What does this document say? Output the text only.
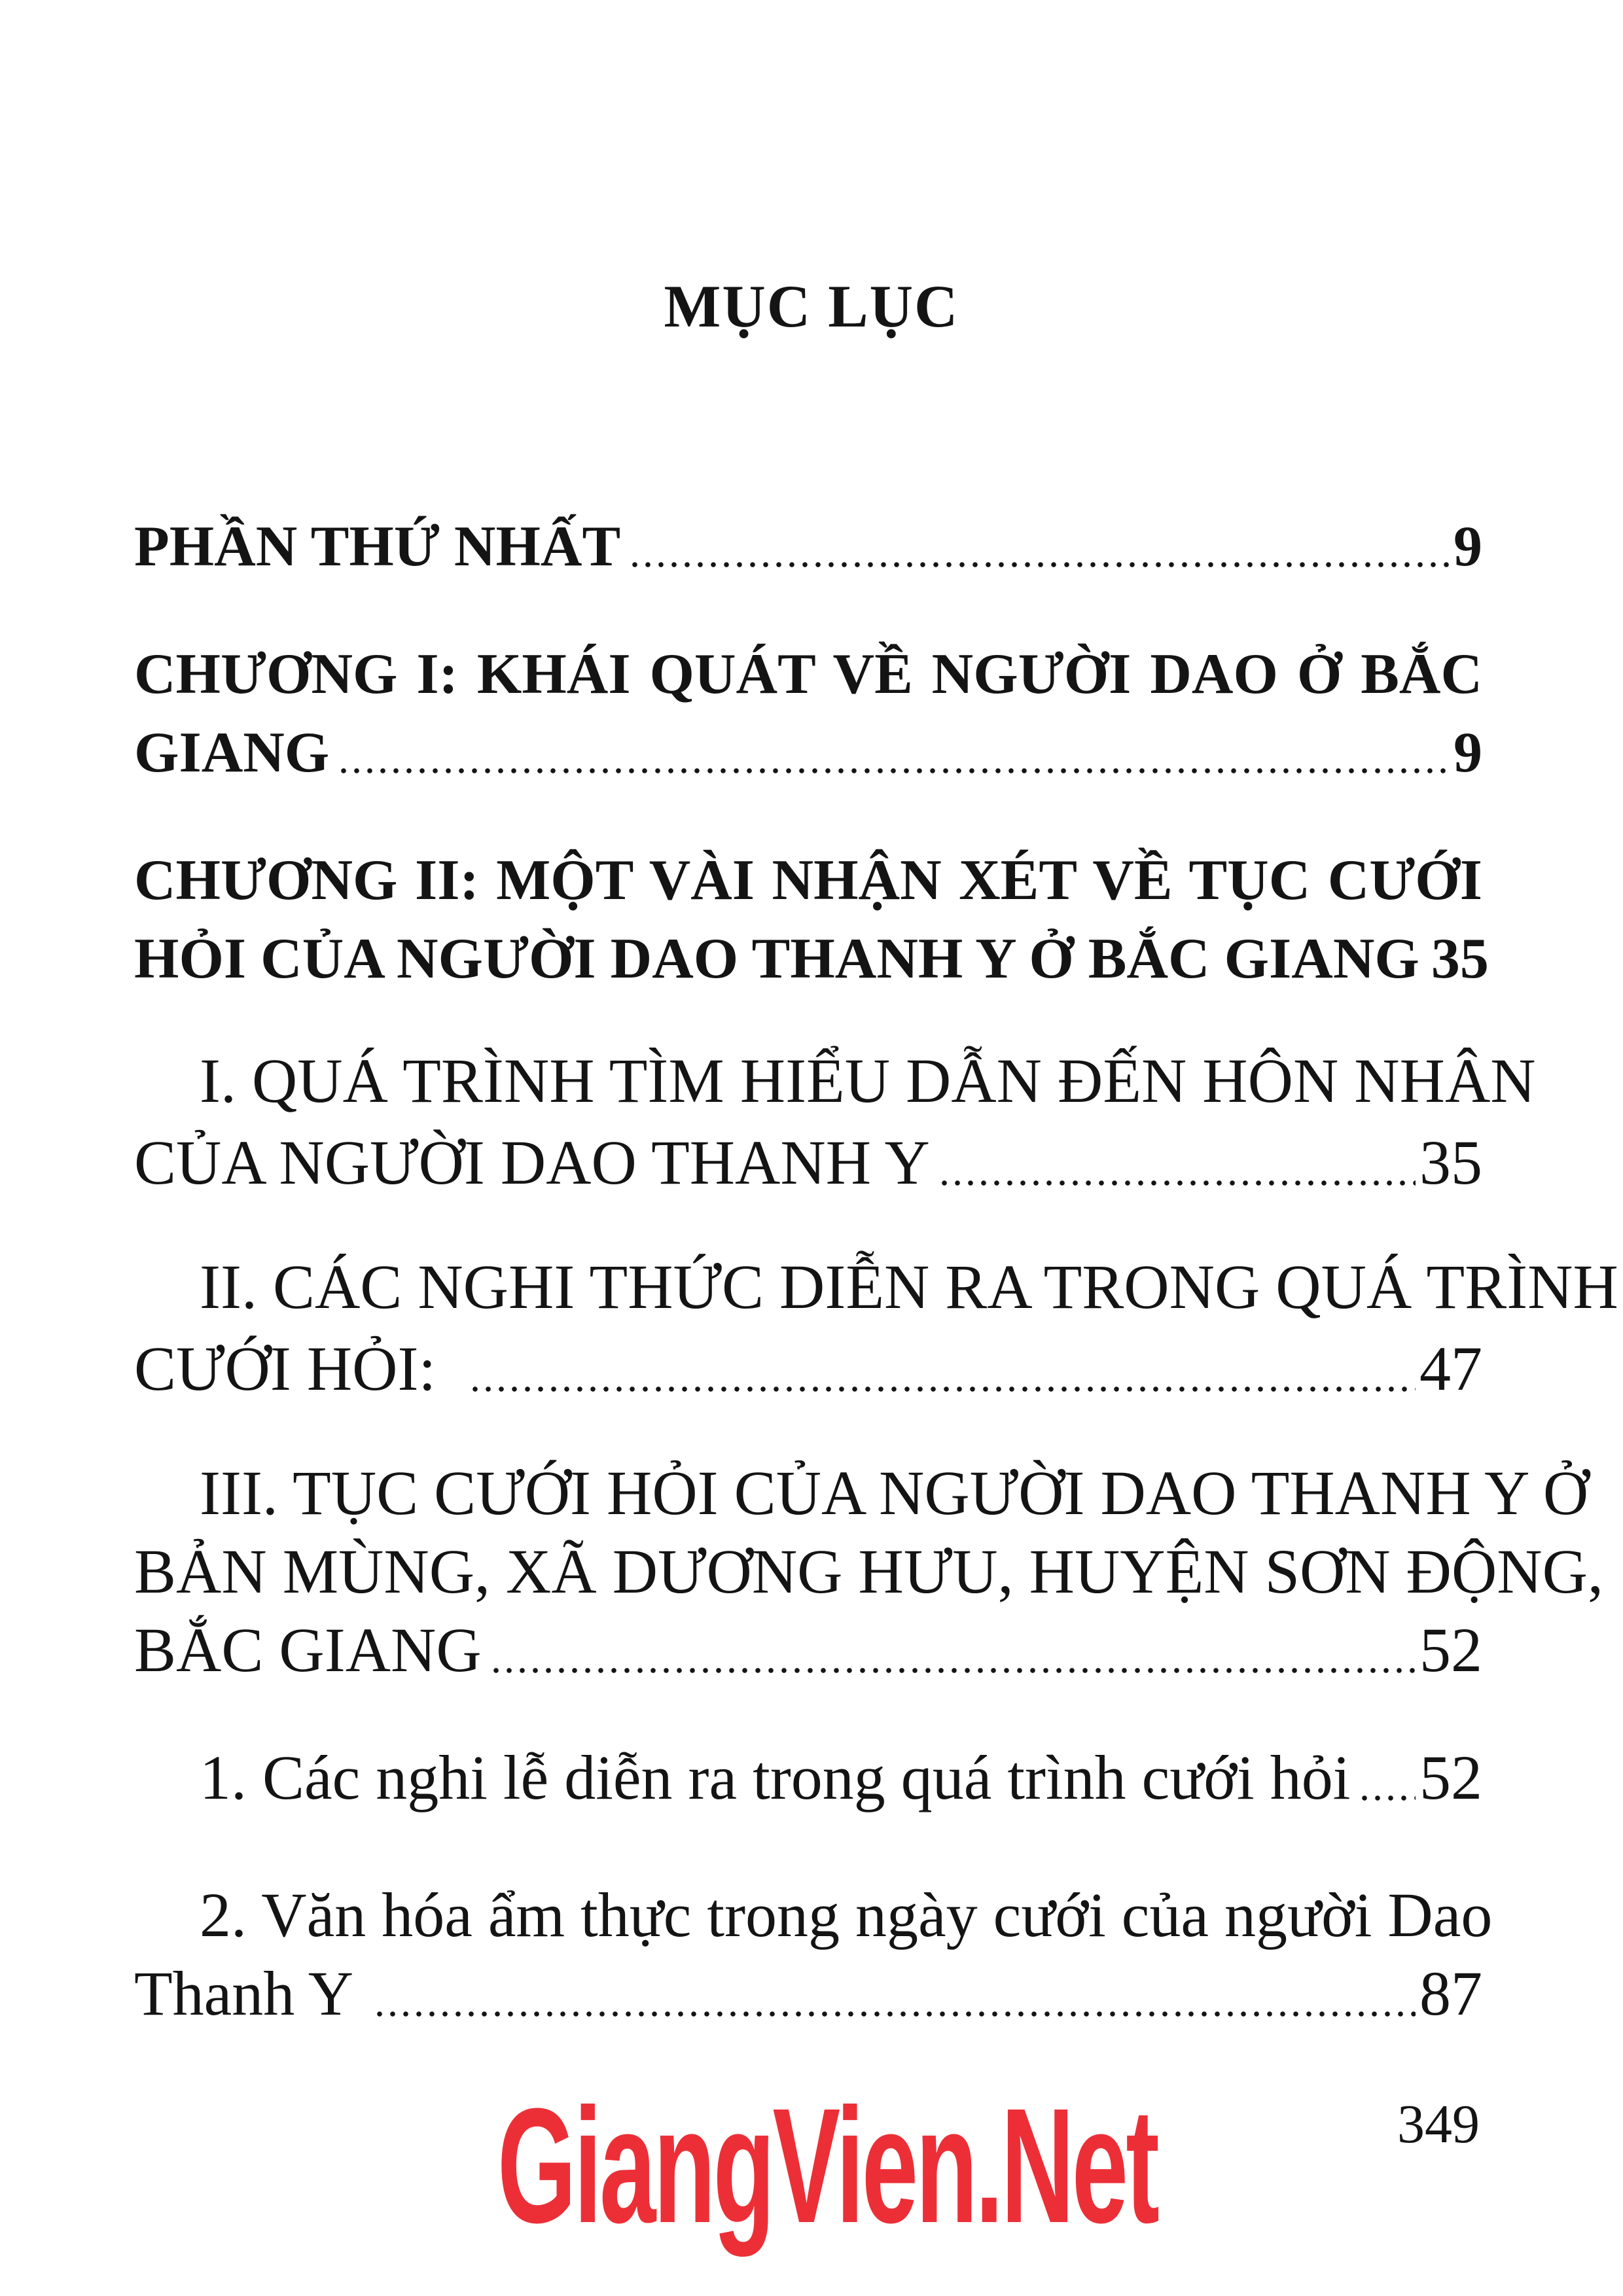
MỤC LỤC
PHẦN THỨ NHẤT	9
CHƯƠNG I: KHÁI QUÁT VỀ NGƯỜI DAO Ở BẮC
GIANG	9
CHƯƠNG II: MỘT VÀI NHẬN XÉT VỀ TỤC CƯỚI
HỎI CỦA NGƯỜI DAO THANH Y Ở BẮC GIANG 35
I. QUÁ TRÌNH TÌM HIỂU DẪN ĐẾN HÔN NHÂN
CỦA NGƯỜI DAO THANH Y	35
II. CÁC NGHI THỨC DIỄN RA TRONG QUÁ TRÌNH
CƯỚI HỎI:	47
III. TỤC CƯỚI HỎI CỦA NGƯỜI DAO THANH Y Ở
BẢN MÙNG, XÃ DƯƠNG HƯU, HUYỆN SƠN ĐỘNG,
BẮC GIANG	52
1. Các nghi lễ diễn ra trong quá trình cưới hỏi 52
2. Văn hóa ẩm thực trong ngày cưới của người Dao
Thanh Y	87
GiangVien.Net	349
